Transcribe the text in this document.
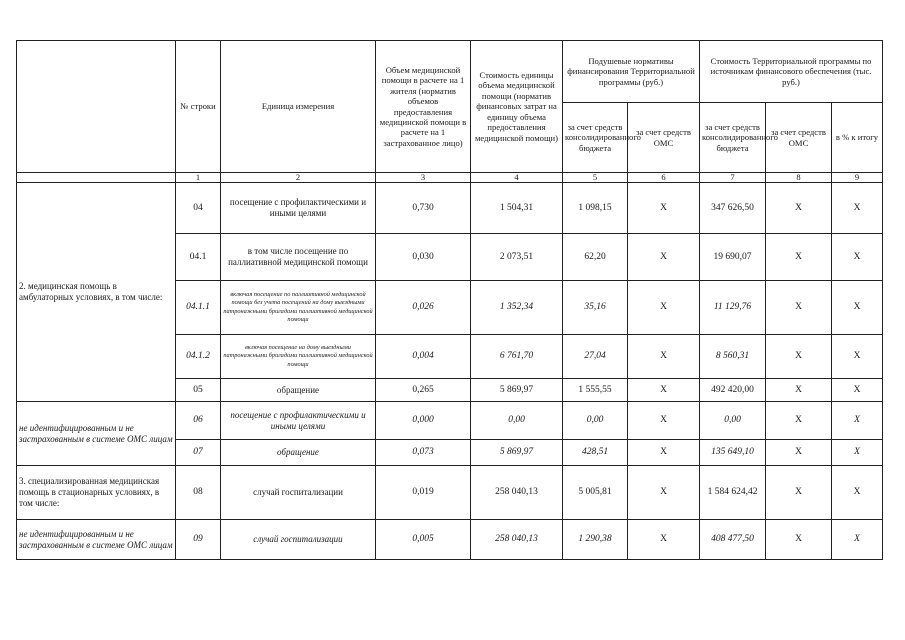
	№ строки	Единица измерения	Объем медицинской помощи в расчете на 1 жителя (норматив объемов предоставления медицинской помощи в расчете на 1 застрахованное лицо)	Стоимость единицы объема медицинской помощи (норматив финансовых затрат на единицу объема предоставления медицинской помощи)	Подушевые нормативы финансирования Территориальной программы (руб.)		Стоимость Территориальной программы по источникам финансового обеспечения (тыс. руб.)		
					за счет средств консолидированного бюджета	за счет средств ОМС	за счет средств консолидированного бюджета	за счет средств ОМС	в % к итогу
	1	2	3	4	5	6	7	8	9
2. медицинская помощь в амбулаторных условиях, в том числе:	04	посещение с профилактическими и иными целями	0,730	1 504,31	1 098,15	X	347 626,50	X	X
	04.1	в том числе посещение по паллиативной медицинской помощи	0,030	2 073,51	62,20	X	19 690,07	X	X
	04.1.1	включая посещение по паллиативной медицинской помощи без учета посещений на дому выездными патронажными бригадами паллиативной медицинской помощи	0,026	1 352,34	35,16	X	11 129,76	X	X
	04.1.2	включая посещение на дому выездными патронажными бригадами паллиативной медицинской помощи	0,004	6 761,70	27,04	X	8 560,31	X	X
	05	обращение	0,265	5 869,97	1 555,55	X	492 420,00	X	X
не идентифицированным и не застрахованным в системе ОМС лицам	06	посещение с профилактическими и иными целями	0,000	0,00	0,00	X	0,00	X	X
	07	обращение	0,073	5 869,97	428,51	X	135 649,10	X	X
3. специализированная медицинская помощь в стационарных условиях, в том числе:	08	случай госпитализации	0,019	258 040,13	5 005,81	X	1 584 624,42	X	X
не идентифицированным и не застрахованным в системе ОМС лицам	09	случай госпитализации	0,005	258 040,13	1 290,38	X	408 477,50	X	X
